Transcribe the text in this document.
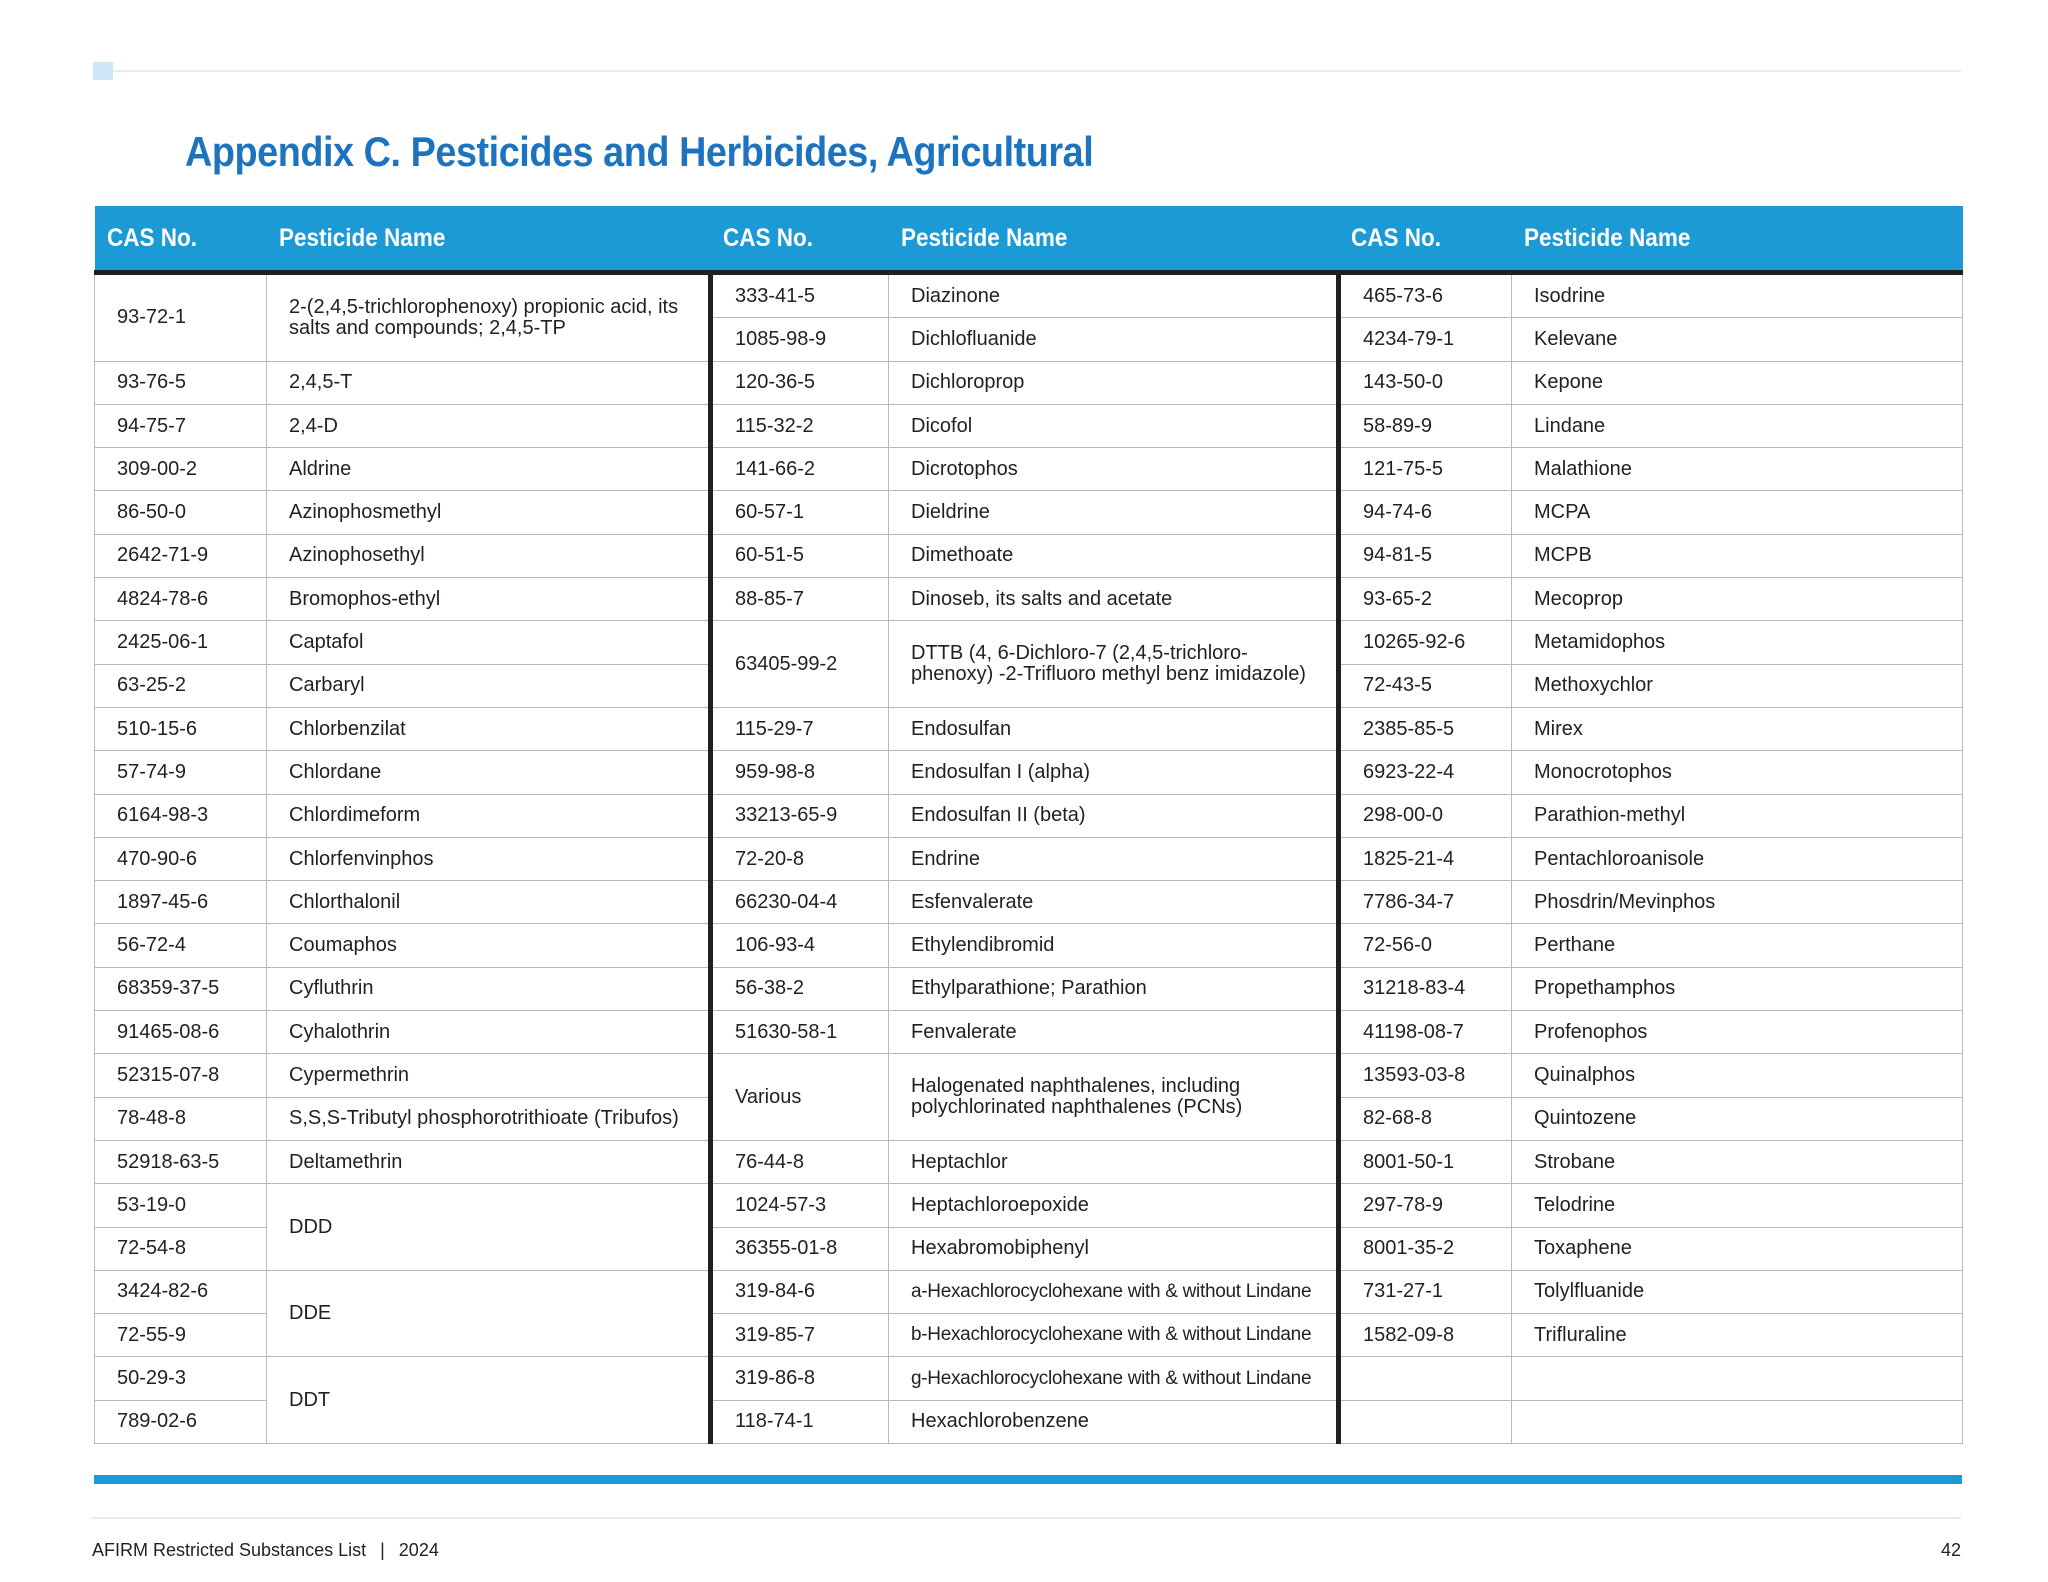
Appendix C. Pesticides and Herbicides, Agricultural
CAS No.	Pesticide Name	CAS No.	Pesticide Name	CAS No.	Pesticide Name
93-72-1	2-(2,4,5-trichlorophenoxy) propionic acid, its salts and compounds; 2,4,5-TP	333-41-5	Diazinone	465-73-6	Isodrine
		1085-98-9	Dichlofluanide	4234-79-1	Kelevane
93-76-5	2,4,5-T	120-36-5	Dichloroprop	143-50-0	Kepone
94-75-7	2,4-D	115-32-2	Dicofol	58-89-9	Lindane
309-00-2	Aldrine	141-66-2	Dicrotophos	121-75-5	Malathione
86-50-0	Azinophosmethyl	60-57-1	Dieldrine	94-74-6	MCPA
2642-71-9	Azinophosethyl	60-51-5	Dimethoate	94-81-5	MCPB
4824-78-6	Bromophos-ethyl	88-85-7	Dinoseb, its salts and acetate	93-65-2	Mecoprop
2425-06-1	Captafol	63405-99-2	DTTB (4, 6-Dichloro-7 (2,4,5-trichloro-phenoxy) -2-Trifluoro methyl benz imidazole)	10265-92-6	Metamidophos
63-25-2	Carbaryl			72-43-5	Methoxychlor
510-15-6	Chlorbenzilat	115-29-7	Endosulfan	2385-85-5	Mirex
57-74-9	Chlordane	959-98-8	Endosulfan I (alpha)	6923-22-4	Monocrotophos
6164-98-3	Chlordimeform	33213-65-9	Endosulfan II (beta)	298-00-0	Parathion-methyl
470-90-6	Chlorfenvinphos	72-20-8	Endrine	1825-21-4	Pentachloroanisole
1897-45-6	Chlorthalonil	66230-04-4	Esfenvalerate	7786-34-7	Phosdrin/Mevinphos
56-72-4	Coumaphos	106-93-4	Ethylendibromid	72-56-0	Perthane
68359-37-5	Cyfluthrin	56-38-2	Ethylparathione; Parathion	31218-83-4	Propethamphos
91465-08-6	Cyhalothrin	51630-58-1	Fenvalerate	41198-08-7	Profenophos
52315-07-8	Cypermethrin	Various	Halogenated naphthalenes, including polychlorinated naphthalenes (PCNs)	13593-03-8	Quinalphos
78-48-8	S,S,S-Tributyl phosphorotrithioate (Tribufos)			82-68-8	Quintozene
52918-63-5	Deltamethrin	76-44-8	Heptachlor	8001-50-1	Strobane
53-19-0	DDD	1024-57-3	Heptachloroepoxide	297-78-9	Telodrine
72-54-8		36355-01-8	Hexabromobiphenyl	8001-35-2	Toxaphene
3424-82-6	DDE	319-84-6	a-Hexachlorocyclohexane with & without Lindane	731-27-1	Tolylfluanide
72-55-9		319-85-7	b-Hexachlorocyclohexane with & without Lindane	1582-09-8	Trifluraline
50-29-3	DDT	319-86-8	g-Hexachlorocyclohexane with & without Lindane		
789-02-6		118-74-1	Hexachlorobenzene		
AFIRM Restricted Substances List | 2024	42
